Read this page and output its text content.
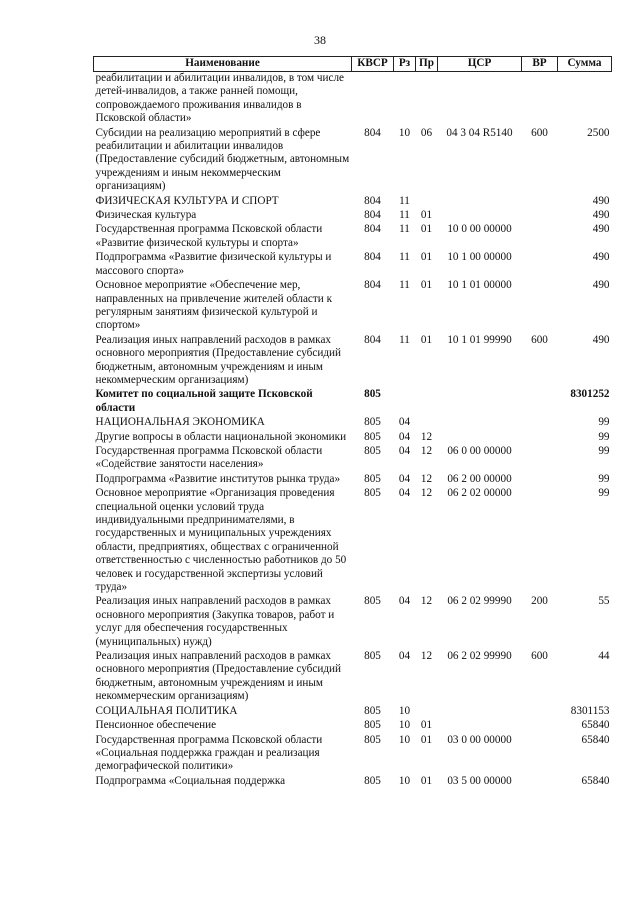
38
Наименование	КВСР	Рз	Пр	ЦСР	ВР	Сумма
реабилитации и абилитации инвалидов, в том числе детей-инвалидов, а также ранней помощи, сопровождаемого проживания инвалидов в Псковской области»						
Субсидии на реализацию мероприятий в сфере реабилитации и абилитации инвалидов (Предоставление субсидий бюджетным, автономным учреждениям и иным некоммерческим организациям)	804	10	06	04 3 04 R5140	600	2500
ФИЗИЧЕСКАЯ КУЛЬТУРА И СПОРТ	804	11				490
Физическая культура	804	11	01			490
Государственная программа Псковской области «Развитие физической культуры и спорта»	804	11	01	10 0 00 00000		490
Подпрограмма «Развитие физической культуры и массового спорта»	804	11	01	10 1 00 00000		490
Основное мероприятие «Обеспечение мер, направленных на привлечение жителей области к регулярным занятиям физической культурой и спортом»	804	11	01	10 1 01 00000		490
Реализация иных направлений расходов в рамках основного мероприятия (Предоставление субсидий бюджетным, автономным учреждениям и иным некоммерческим организациям)	804	11	01	10 1 01 99990	600	490
Комитет по социальной защите Псковской области	805					8301252
НАЦИОНАЛЬНАЯ ЭКОНОМИКА	805	04				99
Другие вопросы в области национальной экономики	805	04	12			99
Государственная программа Псковской области «Содействие занятости населения»	805	04	12	06 0 00 00000		99
Подпрограмма «Развитие институтов рынка труда»	805	04	12	06 2 00 00000		99
Основное мероприятие «Организация проведения специальной оценки условий труда индивидуальными предпринимателями, в государственных и муниципальных учреждениях области, предприятиях, обществах с ограниченной ответственностью с численностью работников до 50 человек и государственной экспертизы условий труда»	805	04	12	06 2 02 00000		99
Реализация иных направлений расходов в рамках основного мероприятия (Закупка товаров, работ и услуг для обеспечения государственных (муниципальных) нужд)	805	04	12	06 2 02 99990	200	55
Реализация иных направлений расходов в рамках основного мероприятия (Предоставление субсидий бюджетным, автономным учреждениям и иным некоммерческим организациям)	805	04	12	06 2 02 99990	600	44
СОЦИАЛЬНАЯ ПОЛИТИКА	805	10				8301153
Пенсионное обеспечение	805	10	01			65840
Государственная программа Псковской области «Социальная поддержка граждан и реализация демографической политики»	805	10	01	03 0 00 00000		65840
Подпрограмма «Социальная поддержка	805	10	01	03 5 00 00000		65840
